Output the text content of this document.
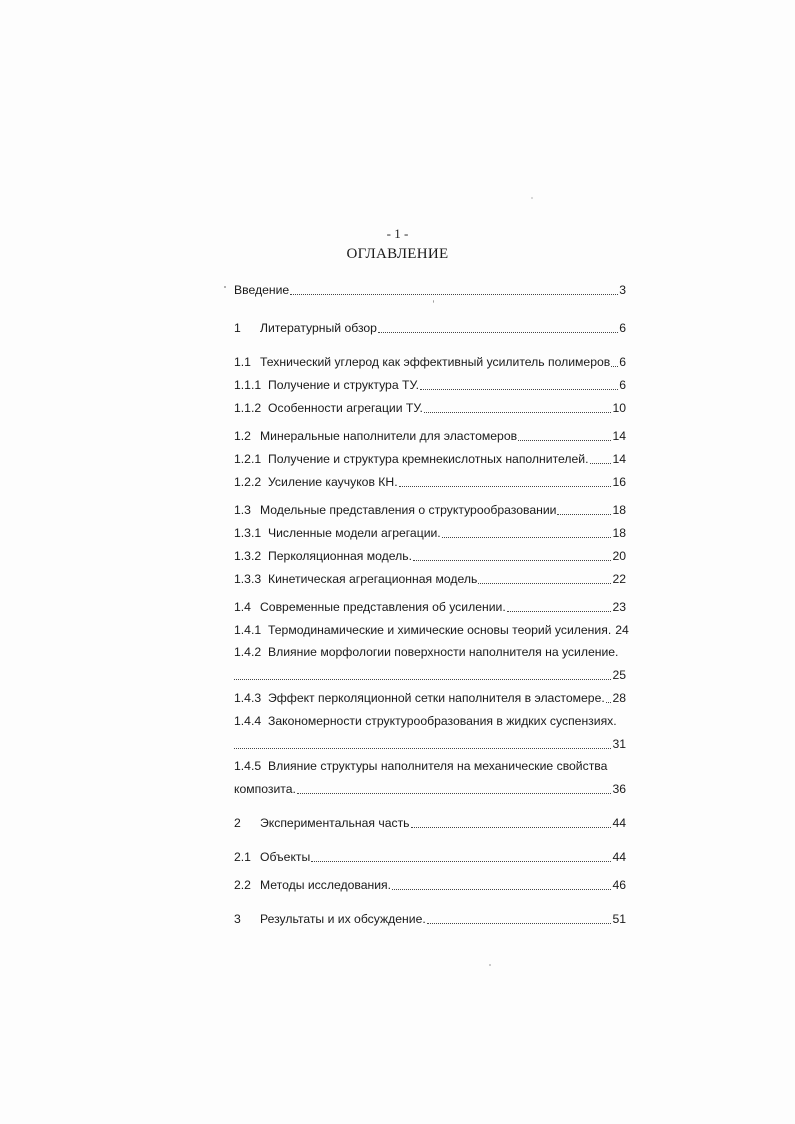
- 1 -
ОГЛАВЛЕНИЕ
Введение	3
1	Литературный обзор	6
1.1 Технический углерод как эффективный усилитель полимеров 6
1.1.1 Получение и структура ТУ.	6
1.1.2 Особенности агрегации ТУ.	10
1.2 Минеральные наполнители для эластомеров	14
1.2.1 Получение и структура кремнекислотных наполнителей. 14
1.2.2 Усиление каучуков КН.	16
1.3 Модельные представления о структурообразовании	18
1.3.1 Численные модели агрегации.	18
1.3.2 Перколяционная модель.	20
1.3.3 Кинетическая агрегационная модель	22
1.4 Современные представления об усилении.	23
1.4.1 Термодинамические и химические основы теорий усиления. 24
1.4.2 Влияние морфологии поверхности наполнителя на усиление.
25
1.4.3 Эффект перколяционной сетки наполнителя в эластомере. 28
1.4.4 Закономерности структурообразования в жидких суспензиях.
31
1.4.5 Влияние структуры наполнителя на механические свойства
композита.	36
2	Экспериментальная часть	44
2.1 Объекты	44
2.2 Методы исследования.	46
3	Результаты и их обсуждение.	51
